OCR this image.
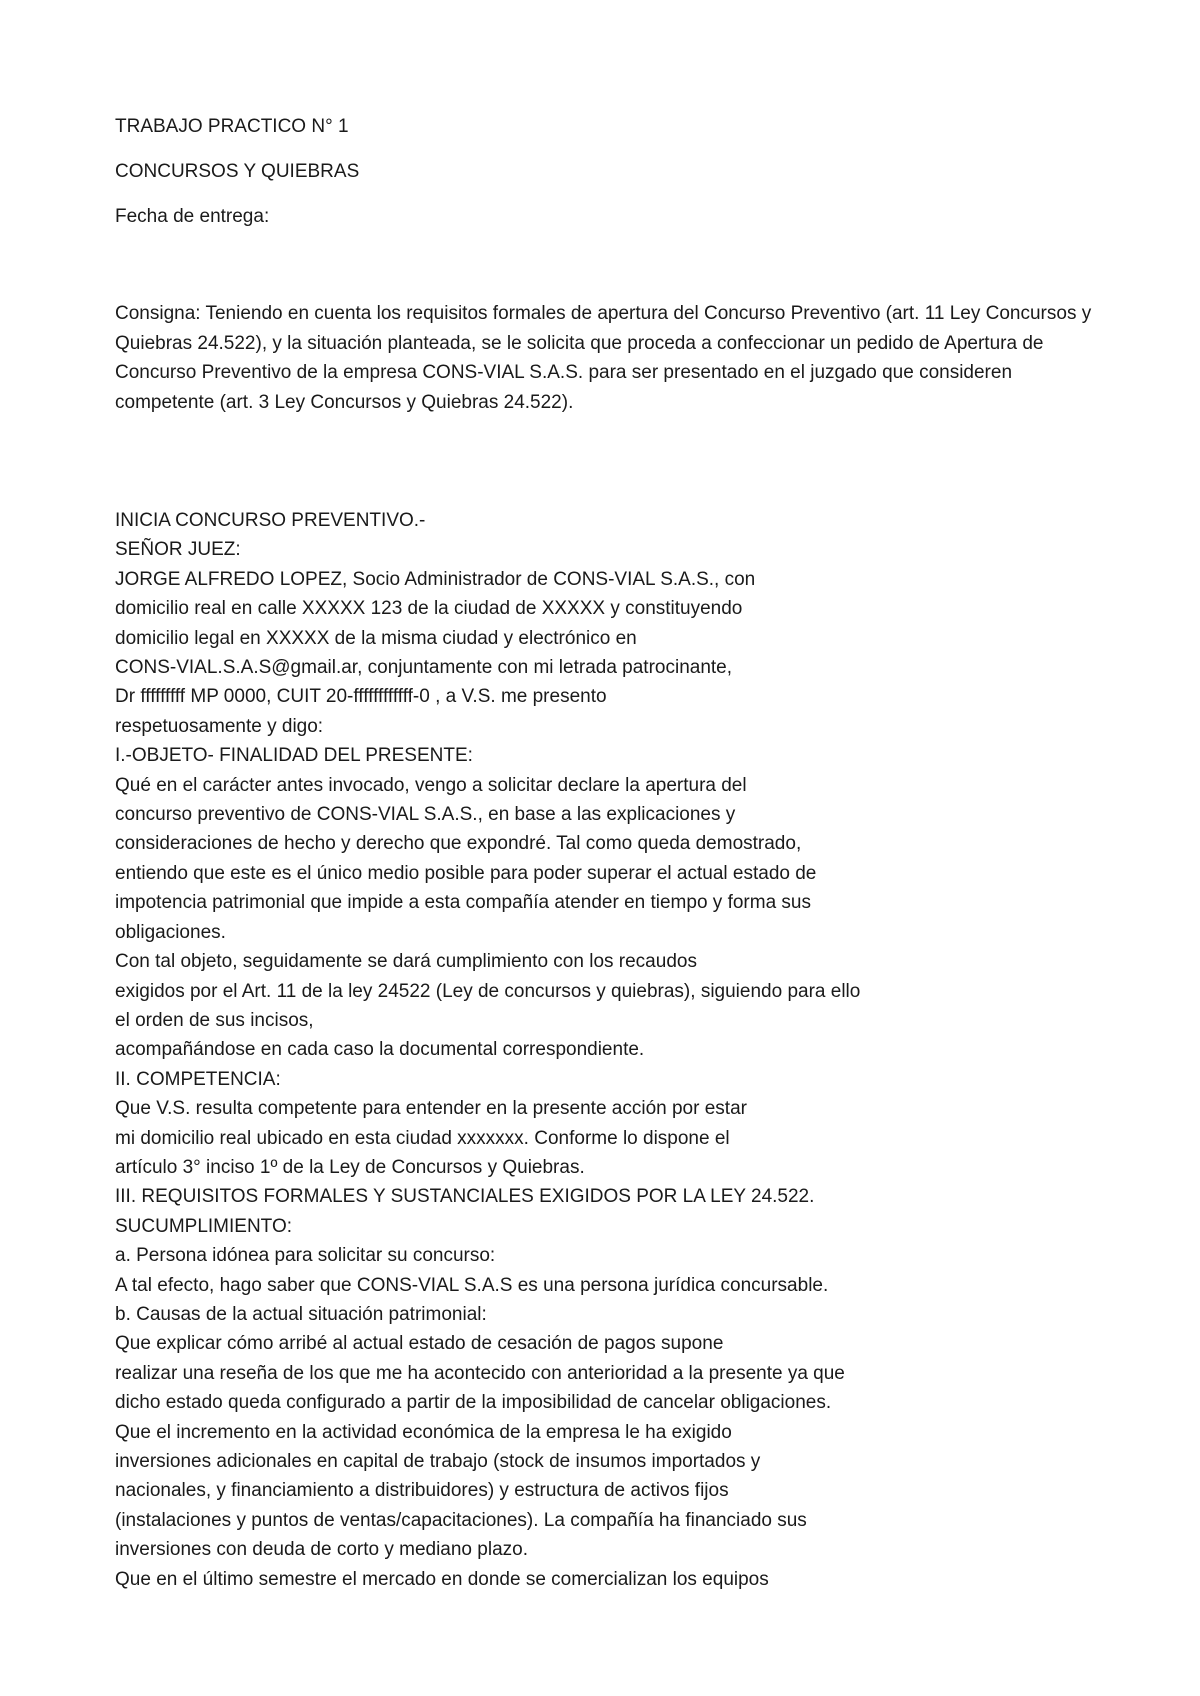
TRABAJO PRACTICO N° 1

CONCURSOS Y QUIEBRAS

Fecha de entrega:

Consigna: Teniendo en cuenta los requisitos formales de apertura del Concurso Preventivo (art. 11 Ley Concursos y Quiebras 24.522), y la situación planteada, se le solicita que proceda a confeccionar un pedido de Apertura de Concurso Preventivo de la empresa CONS-VIAL S.A.S. para ser presentado en el juzgado que consideren competente (art. 3 Ley Concursos y Quiebras 24.522).

INICIA CONCURSO PREVENTIVO.-

SEÑOR JUEZ:

JORGE ALFREDO LOPEZ, Socio Administrador de CONS-VIAL S.A.S., con

domicilio real en calle XXXXX 123 de la ciudad de XXXXX y constituyendo

domicilio legal en XXXXX de la misma ciudad y electrónico en

CONS-VIAL.S.A.S@gmail.ar, conjuntamente con mi letrada patrocinante,

Dr fffffffff MP 0000, CUIT 20-ffffffffffff-0 , a V.S. me presento

respetuosamente y digo:

I.-OBJETO- FINALIDAD DEL PRESENTE:

Qué en el carácter antes invocado, vengo a solicitar declare la apertura del

concurso preventivo de CONS-VIAL S.A.S., en base a las explicaciones y

consideraciones de hecho y derecho que expondré. Tal como queda demostrado,

entiendo que este es el único medio posible para poder superar el actual estado de

impotencia patrimonial que impide a esta compañía atender en tiempo y forma sus

obligaciones.

Con tal objeto, seguidamente se dará cumplimiento con los recaudos

exigidos por el Art. 11 de la ley 24522 (Ley de concursos y quiebras), siguiendo para ello

el orden de sus incisos,

acompañándose en cada caso la documental correspondiente.

II. COMPETENCIA:

Que V.S. resulta competente para entender en la presente acción por estar

mi domicilio real ubicado en esta ciudad xxxxxxx. Conforme lo dispone el

artículo 3° inciso 1º de la Ley de Concursos y Quiebras.

III. REQUISITOS FORMALES Y SUSTANCIALES EXIGIDOS POR LA LEY 24.522.

SUCUMPLIMIENTO:

a. Persona idónea para solicitar su concurso:

A tal efecto, hago saber que CONS-VIAL S.A.S es una persona jurídica concursable.

b. Causas de la actual situación patrimonial:

Que explicar cómo arribé al actual estado de cesación de pagos supone

realizar una reseña de los que me ha acontecido con anterioridad a la presente ya que

dicho estado queda configurado a partir de la imposibilidad de cancelar obligaciones.

Que el incremento en la actividad económica de la empresa le ha exigido

inversiones adicionales en capital de trabajo (stock de insumos importados y

nacionales, y financiamiento a distribuidores) y estructura de activos fijos

(instalaciones y puntos de ventas/capacitaciones). La compañía ha financiado sus

inversiones con deuda de corto y mediano plazo.

Que en el último semestre el mercado en donde se comercializan los equipos
